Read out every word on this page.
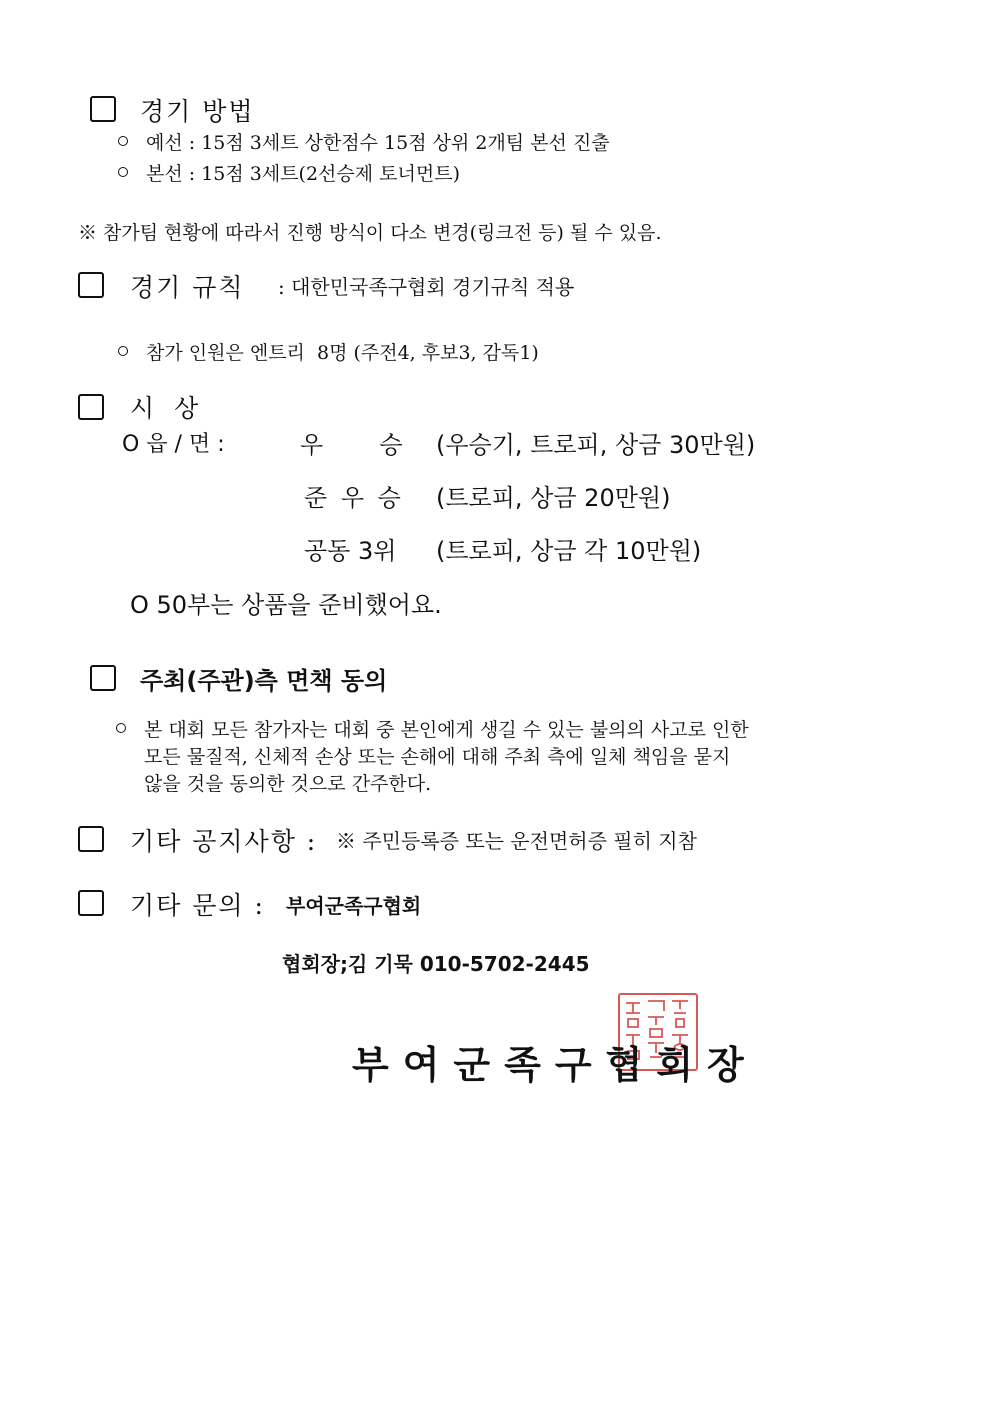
경기 방법
예선 : 15점 3세트 상한점수 15점 상위 2개팀 본선 진출
본선 : 15점 3세트(2선승제 토너먼트)
※ 참가팀 현황에 따라서 진행 방식이 다소 변경(링크전 등) 될 수 있음.
경기 규칙 : 대한민국족구협회 경기규칙 적용
참가 인원은 엔트리  8명 (주전4, 후보3, 감독1)
시 상
O 읍 / 면 :	우     승 (우승기, 트로피, 상금 30만원)
준 우 승 (트로피, 상금 20만원)
공동 3위 (트로피, 상금 각 10만원)
O 50부는 상품을 준비했어요.
주최(주관)측 면책 동의
본 대회 모든 참가자는 대회 중 본인에게 생길 수 있는 불의의 사고로 인한
모든 물질적, 신체적 손상 또는 손해에 대해 주최 측에 일체 책임을 묻지
않을 것을 동의한 것으로 간주한다.
기타 공지사항 : ※ 주민등록증 또는 운전면허증 필히 지참
기타 문의 : 부여군족구협회
협회장;김 기묵 010-5702-2445
부여군족구협회장
